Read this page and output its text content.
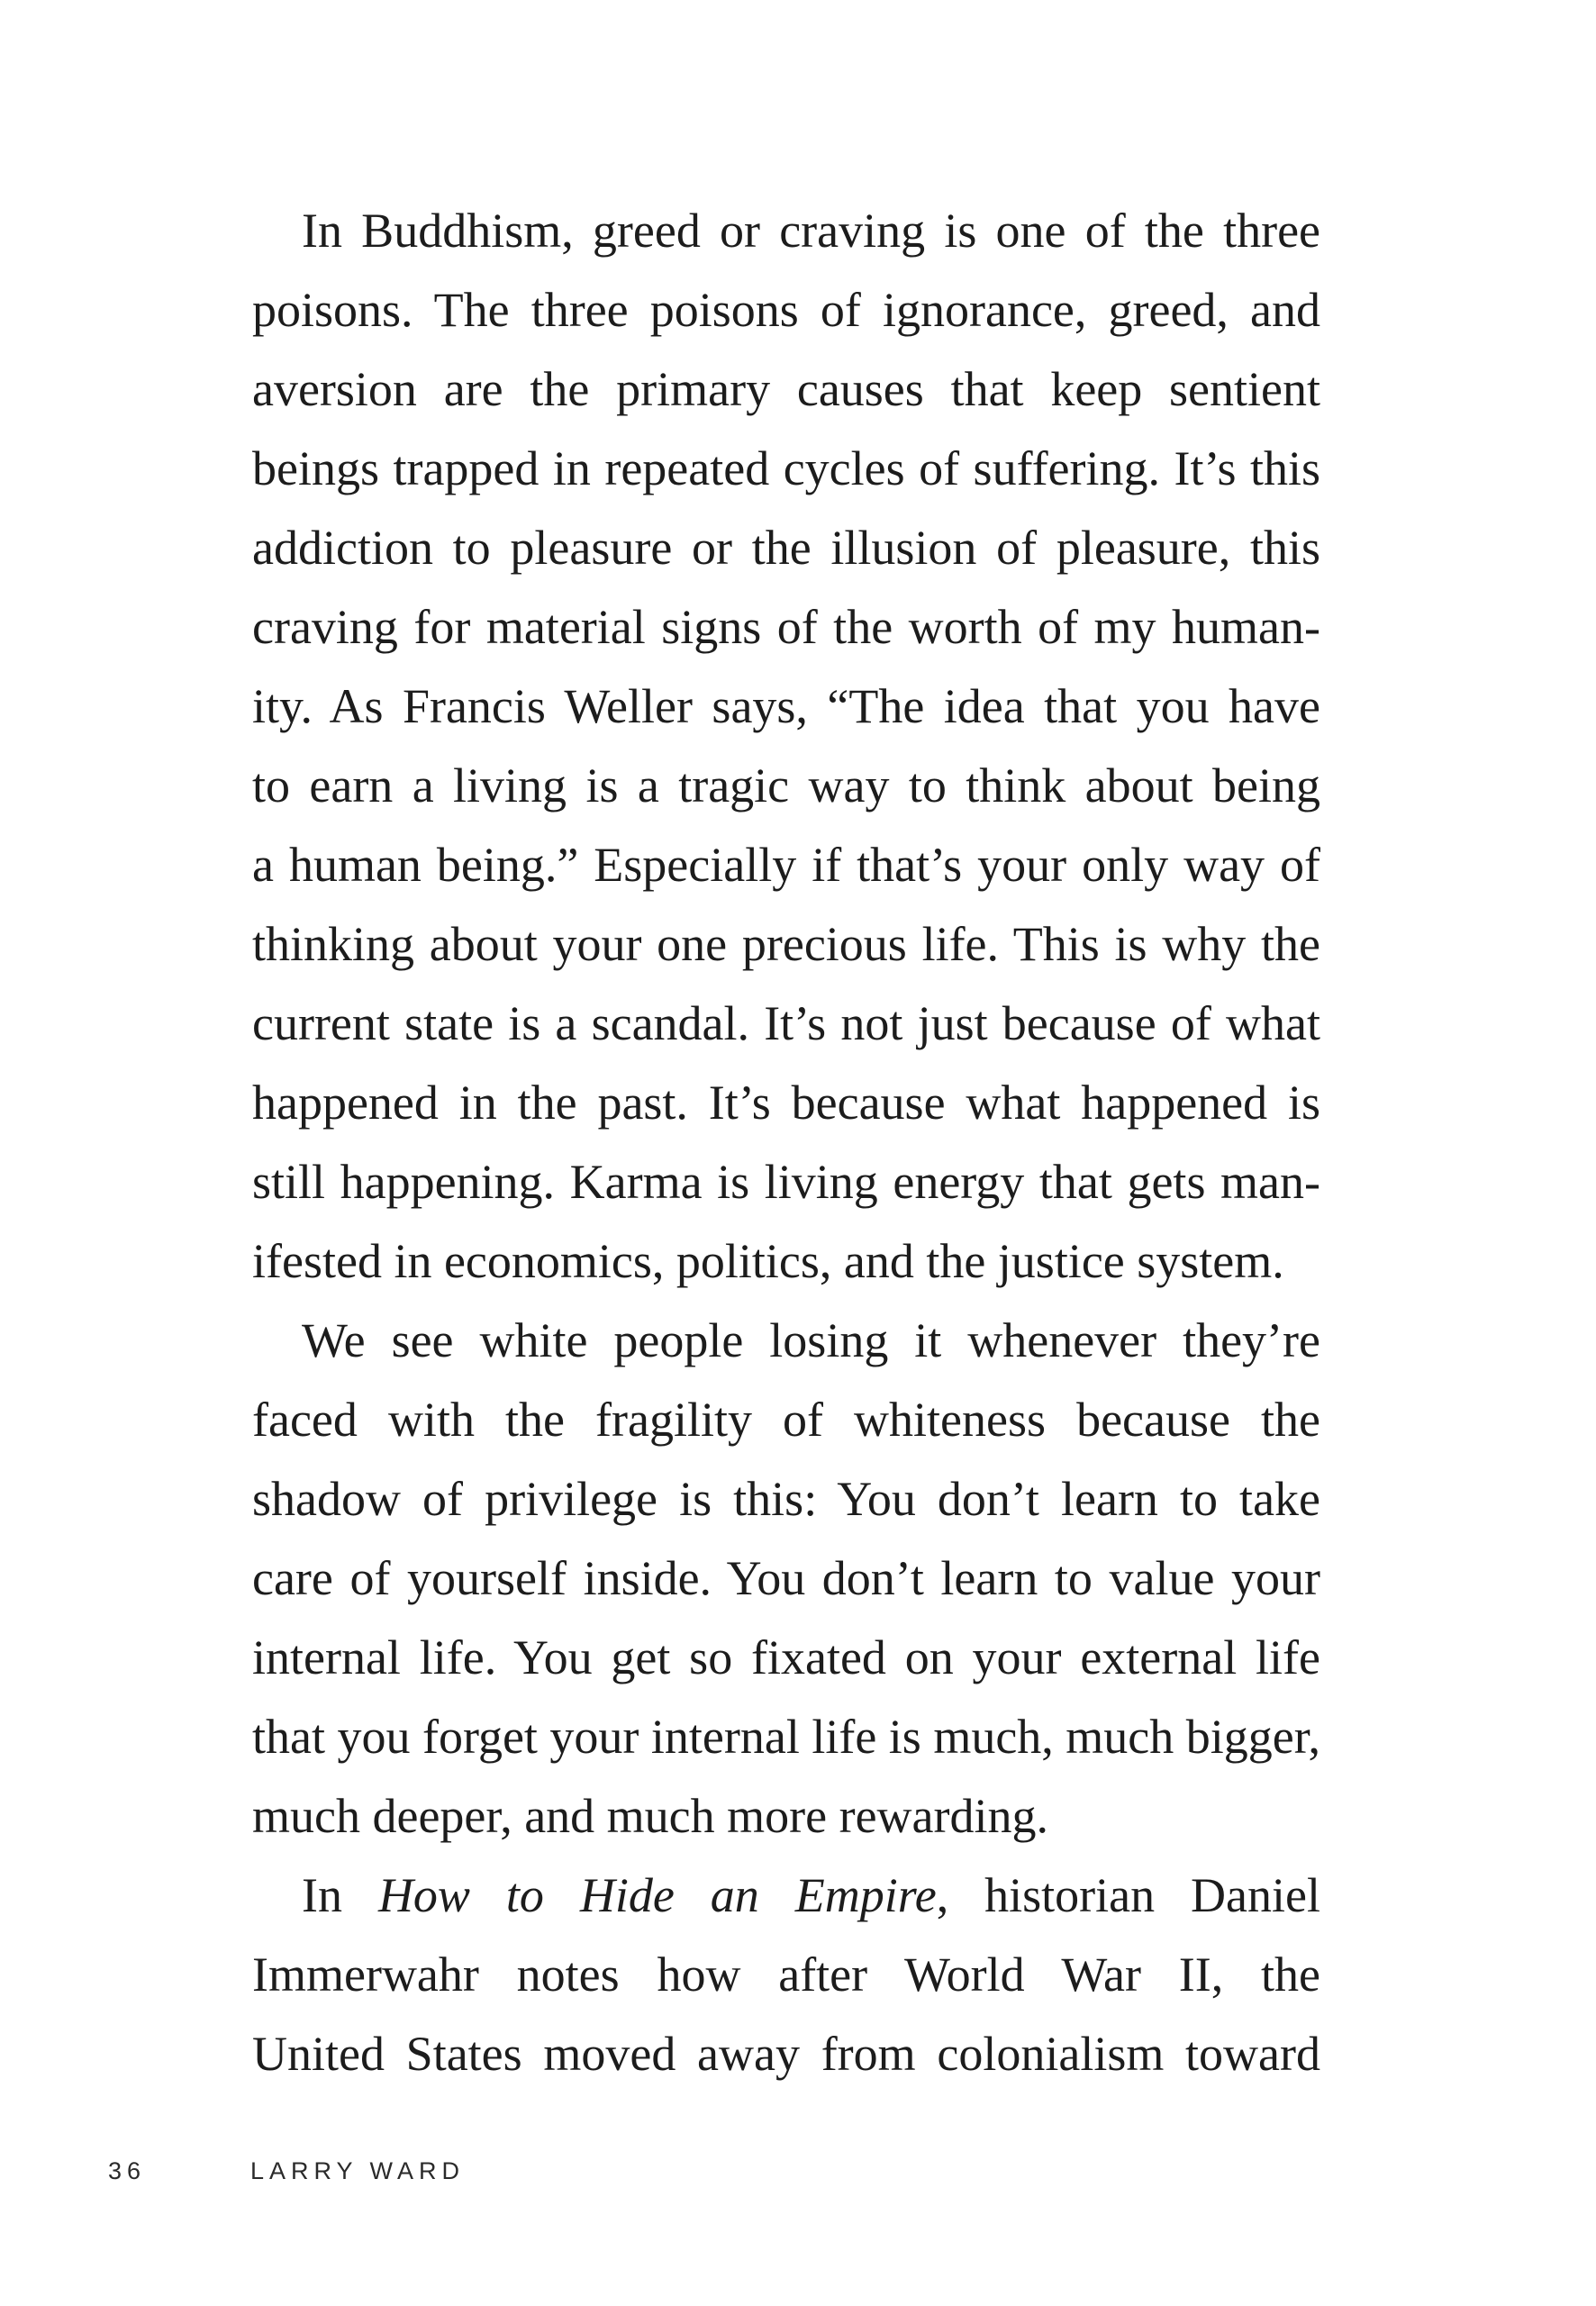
In Buddhism, greed or craving is one of the three
poisons. The three poisons of ignorance, greed, and
aversion are the primary causes that keep sentient
beings trapped in repeated cycles of suffering. It’s this
addiction to pleasure or the illusion of pleasure, this
craving for material signs of the worth of my human-
ity. As Francis Weller says, “The idea that you have
to earn a living is a tragic way to think about being
a human being.” Especially if that’s your only way of
thinking about your one precious life. This is why the
current state is a scandal. It’s not just because of what
happened in the past. It’s because what happened is
still happening. Karma is living energy that gets man-
ifested in economics, politics, and the justice system.
We see white people losing it whenever they’re
faced with the fragility of whiteness because the
shadow of privilege is this: You don’t learn to take
care of yourself inside. You don’t learn to value your
internal life. You get so fixated on your external life
that you forget your internal life is much, much bigger,
much deeper, and much more rewarding.
In How to Hide an Empire, historian Daniel
Immerwahr notes how after World War II, the
United States moved away from colonialism toward
36	LARRY WARD
